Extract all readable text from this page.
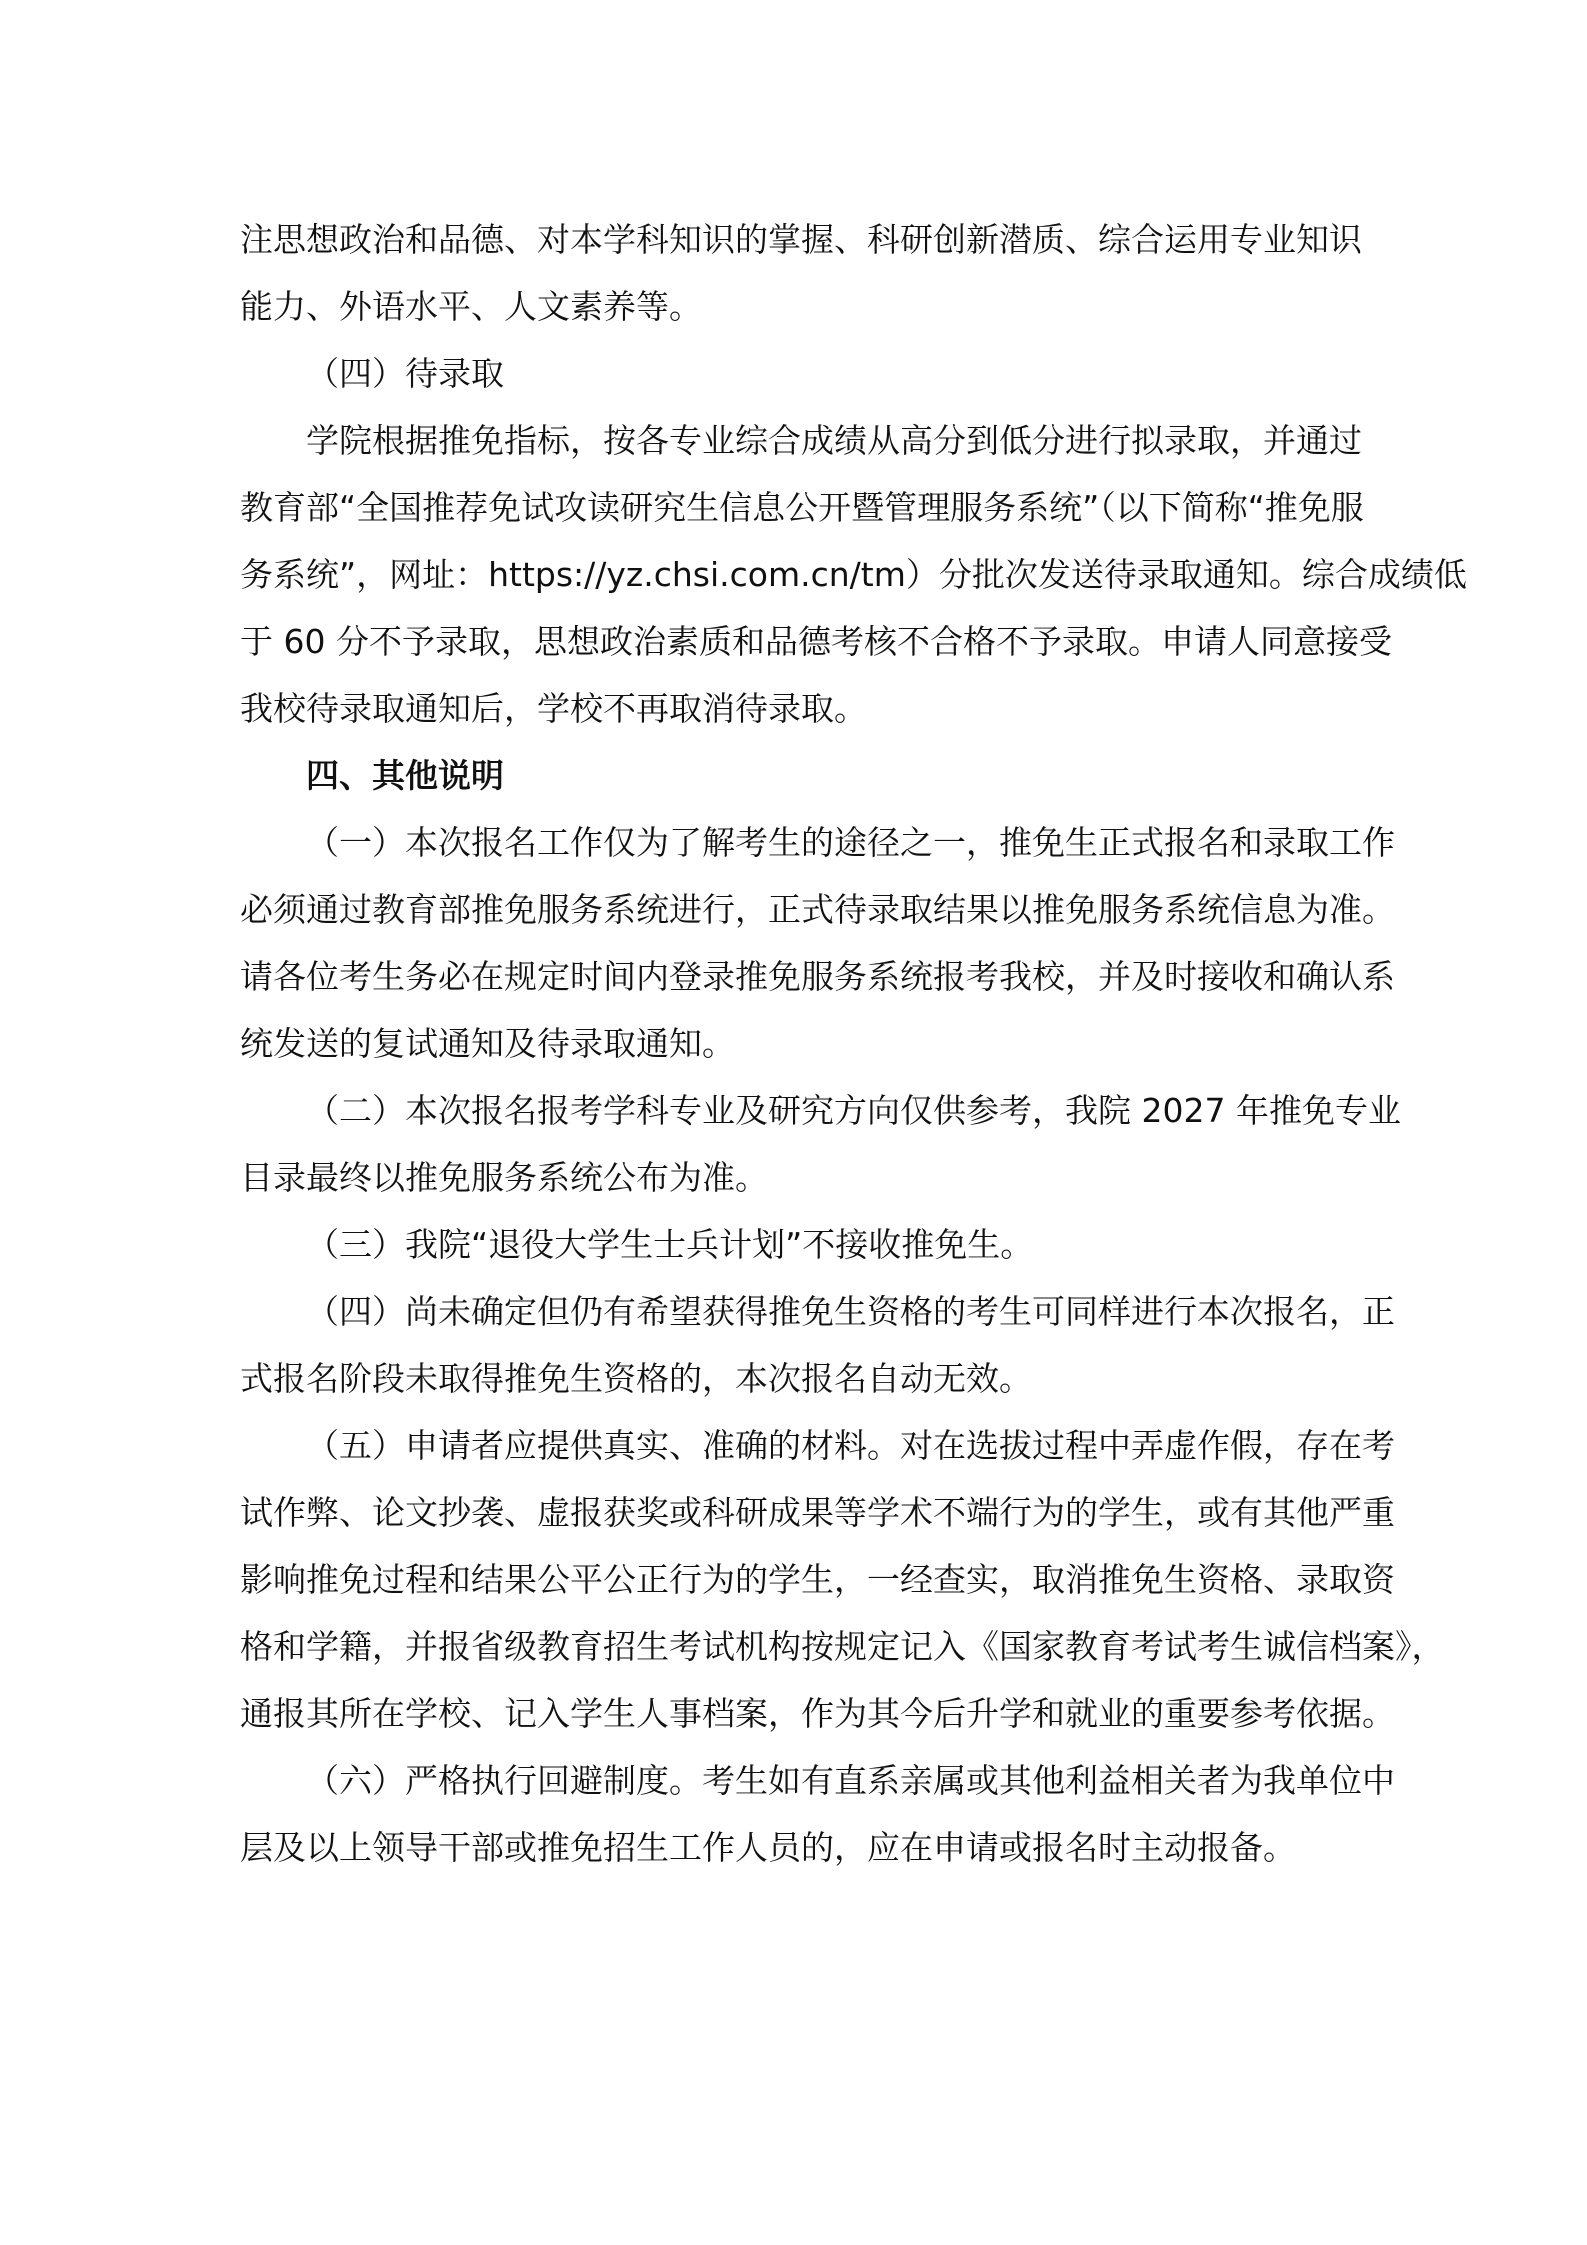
注思想政治和品德、对本学科知识的掌握、科研创新潜质、综合运用专业知识
能力、外语水平、人文素养等。
（四）待录取
学院根据推免指标，按各专业综合成绩从高分到低分进行拟录取，并通过
教育部“全国推荐免试攻读研究生信息公开暨管理服务系统”（以下简称“推免服
务系统”，网址：https://yz.chsi.com.cn/tm）分批次发送待录取通知。综合成绩低
于 60 分不予录取，思想政治素质和品德考核不合格不予录取。申请人同意接受
我校待录取通知后，学校不再取消待录取。
四、其他说明
（一）本次报名工作仅为了解考生的途径之一，推免生正式报名和录取工作
必须通过教育部推免服务系统进行，正式待录取结果以推免服务系统信息为准。
请各位考生务必在规定时间内登录推免服务系统报考我校，并及时接收和确认系
统发送的复试通知及待录取通知。
（二）本次报名报考学科专业及研究方向仅供参考，我院 2027 年推免专业
目录最终以推免服务系统公布为准。
（三）我院“退役大学生士兵计划”不接收推免生。
（四）尚未确定但仍有希望获得推免生资格的考生可同样进行本次报名，正
式报名阶段未取得推免生资格的，本次报名自动无效。
（五）申请者应提供真实、准确的材料。对在选拔过程中弄虚作假，存在考
试作弊、论文抄袭、虚报获奖或科研成果等学术不端行为的学生，或有其他严重
影响推免过程和结果公平公正行为的学生，一经查实，取消推免生资格、录取资
格和学籍，并报省级教育招生考试机构按规定记入《国家教育考试考生诚信档案》，
通报其所在学校、记入学生人事档案，作为其今后升学和就业的重要参考依据。
（六）严格执行回避制度。考生如有直系亲属或其他利益相关者为我单位中
层及以上领导干部或推免招生工作人员的，应在申请或报名时主动报备。
